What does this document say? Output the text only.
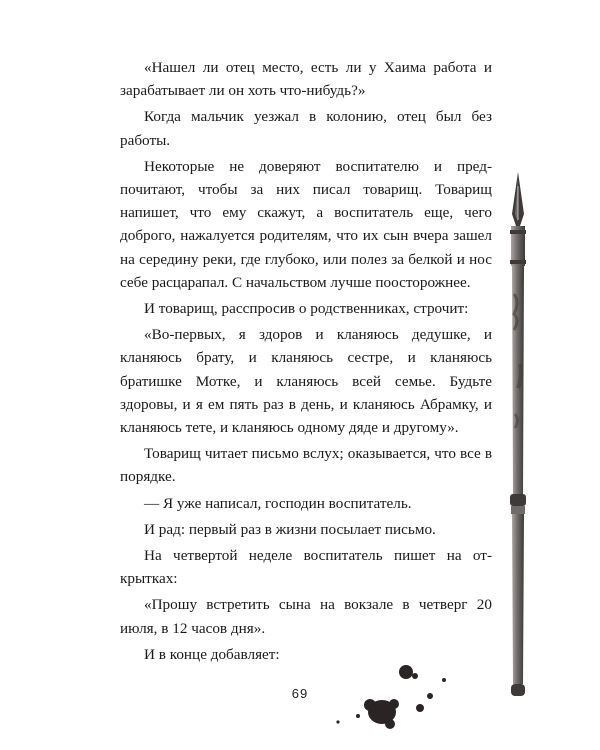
«Нашел ли отец место, есть ли у Хаима работа и зарабатывает ли он хоть что-нибудь?»

Когда мальчик уезжал в колонию, отец был без работы.

Некоторые не доверяют воспитателю и предпочитают, чтобы за них писал товарищ. Товарищ напишет, что ему скажут, а воспитатель еще, чего доброго, нажалуется родителям, что их сын вчера зашел на середину реки, где глубоко, или полез за белкой и нос себе расцарапал. С начальством лучше поосторожнее.

И товарищ, расспросив о родственниках, строчит:

«Во-первых, я здоров и кланяюсь дедушке, и кланяюсь брату, и кланяюсь сестре, и кланяюсь братишке Мотке, и кланяюсь всей семье. Будьте здоровы, и я ем пять раз в день, и кланяюсь Абрамку, и кланяюсь тете, и кланяюсь одному дяде и другому».

Товарищ читает письмо вслух; оказывается, что все в порядке.

— Я уже написал, господин воспитатель.

И рад: первый раз в жизни посылает письмо.

На четвертой неделе воспитатель пишет на открытках:

«Прошу встретить сына на вокзале в четверг 20 июля, в 12 часов дня».

И в конце добавляет:

69
